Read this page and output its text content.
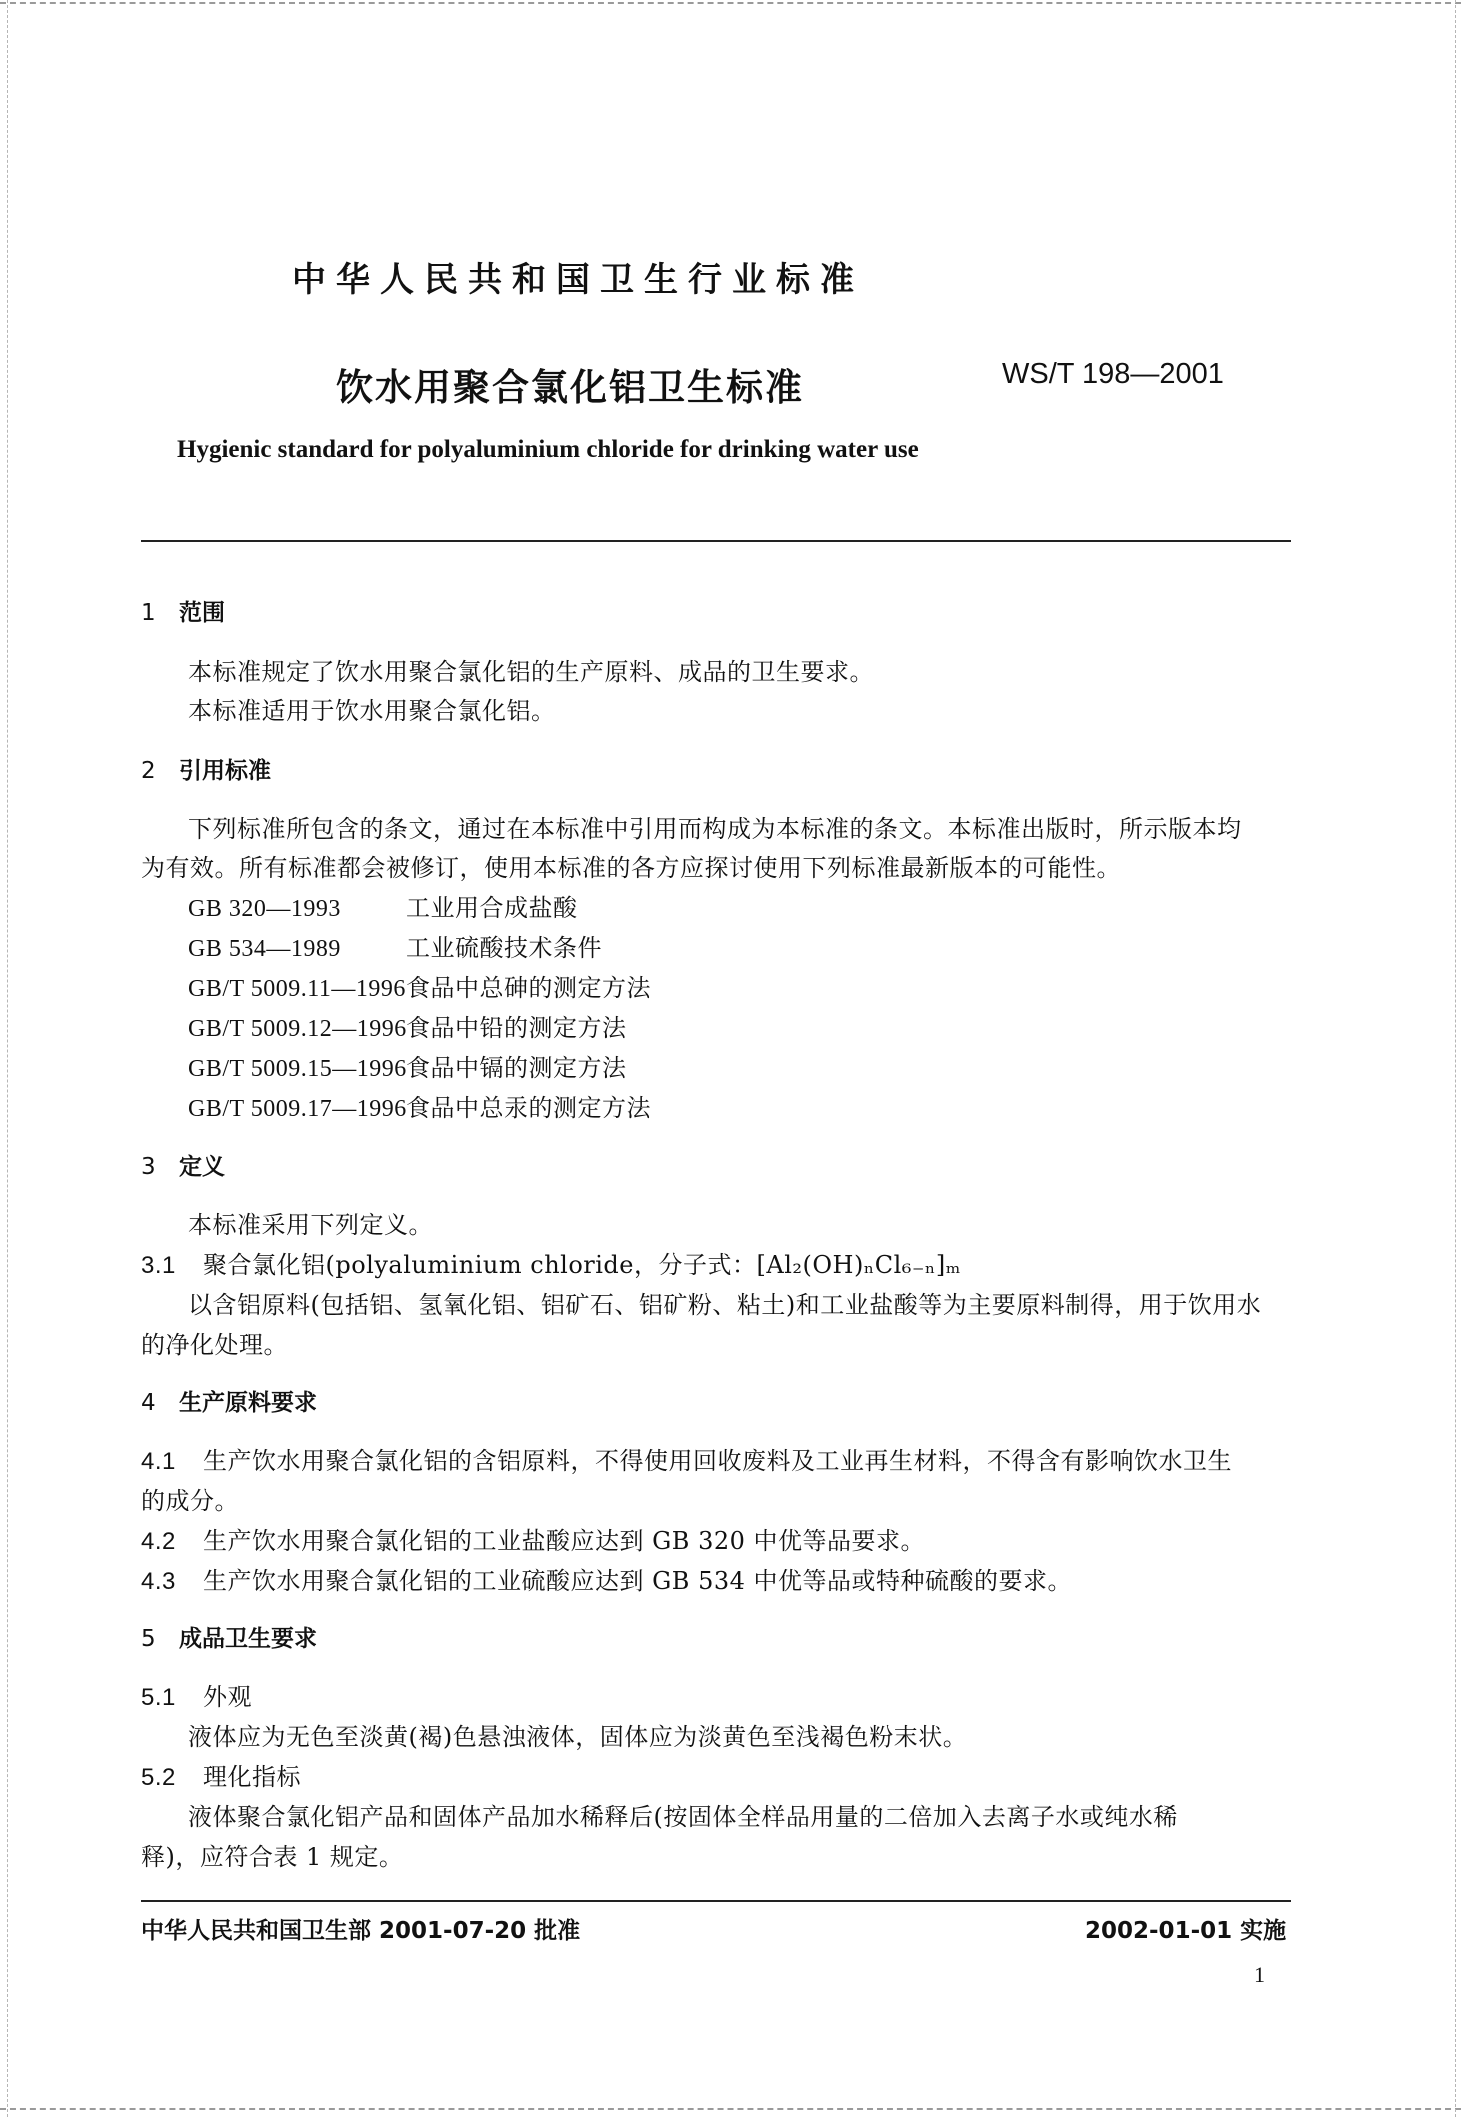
中华人民共和国卫生行业标准
饮水用聚合氯化铝卫生标准	WS/T 198—2001
Hygienic standard for polyaluminium chloride for drinking water use
1 范围
本标准规定了饮水用聚合氯化铝的生产原料、成品的卫生要求。
本标准适用于饮水用聚合氯化铝。
2 引用标准
下列标准所包含的条文，通过在本标准中引用而构成为本标准的条文。本标准出版时，所示版本均
为有效。所有标准都会被修订，使用本标准的各方应探讨使用下列标准最新版本的可能性。
GB 320—1993	工业用合成盐酸
GB 534—1989	工业硫酸技术条件
GB/T 5009.11—1996食品中总砷的测定方法
GB/T 5009.12—1996食品中铅的测定方法
GB/T 5009.15—1996食品中镉的测定方法
GB/T 5009.17—1996食品中总汞的测定方法
3 定义
本标准采用下列定义。
3.1 聚合氯化铝(polyaluminium chloride，分子式：[Al₂(OH)ₙCl₆₋ₙ]ₘ
以含铝原料(包括铝、氢氧化铝、铝矿石、铝矿粉、粘土)和工业盐酸等为主要原料制得，用于饮用水
的净化处理。
4 生产原料要求
4.1 生产饮水用聚合氯化铝的含铝原料，不得使用回收废料及工业再生材料，不得含有影响饮水卫生
的成分。
4.2 生产饮水用聚合氯化铝的工业盐酸应达到 GB 320 中优等品要求。
4.3 生产饮水用聚合氯化铝的工业硫酸应达到 GB 534 中优等品或特种硫酸的要求。
5 成品卫生要求
5.1 外观
液体应为无色至淡黄(褐)色悬浊液体，固体应为淡黄色至浅褐色粉末状。
5.2 理化指标
液体聚合氯化铝产品和固体产品加水稀释后(按固体全样品用量的二倍加入去离子水或纯水稀
释)，应符合表 1 规定。
中华人民共和国卫生部 2001-07-20 批准	2002-01-01 实施
1
